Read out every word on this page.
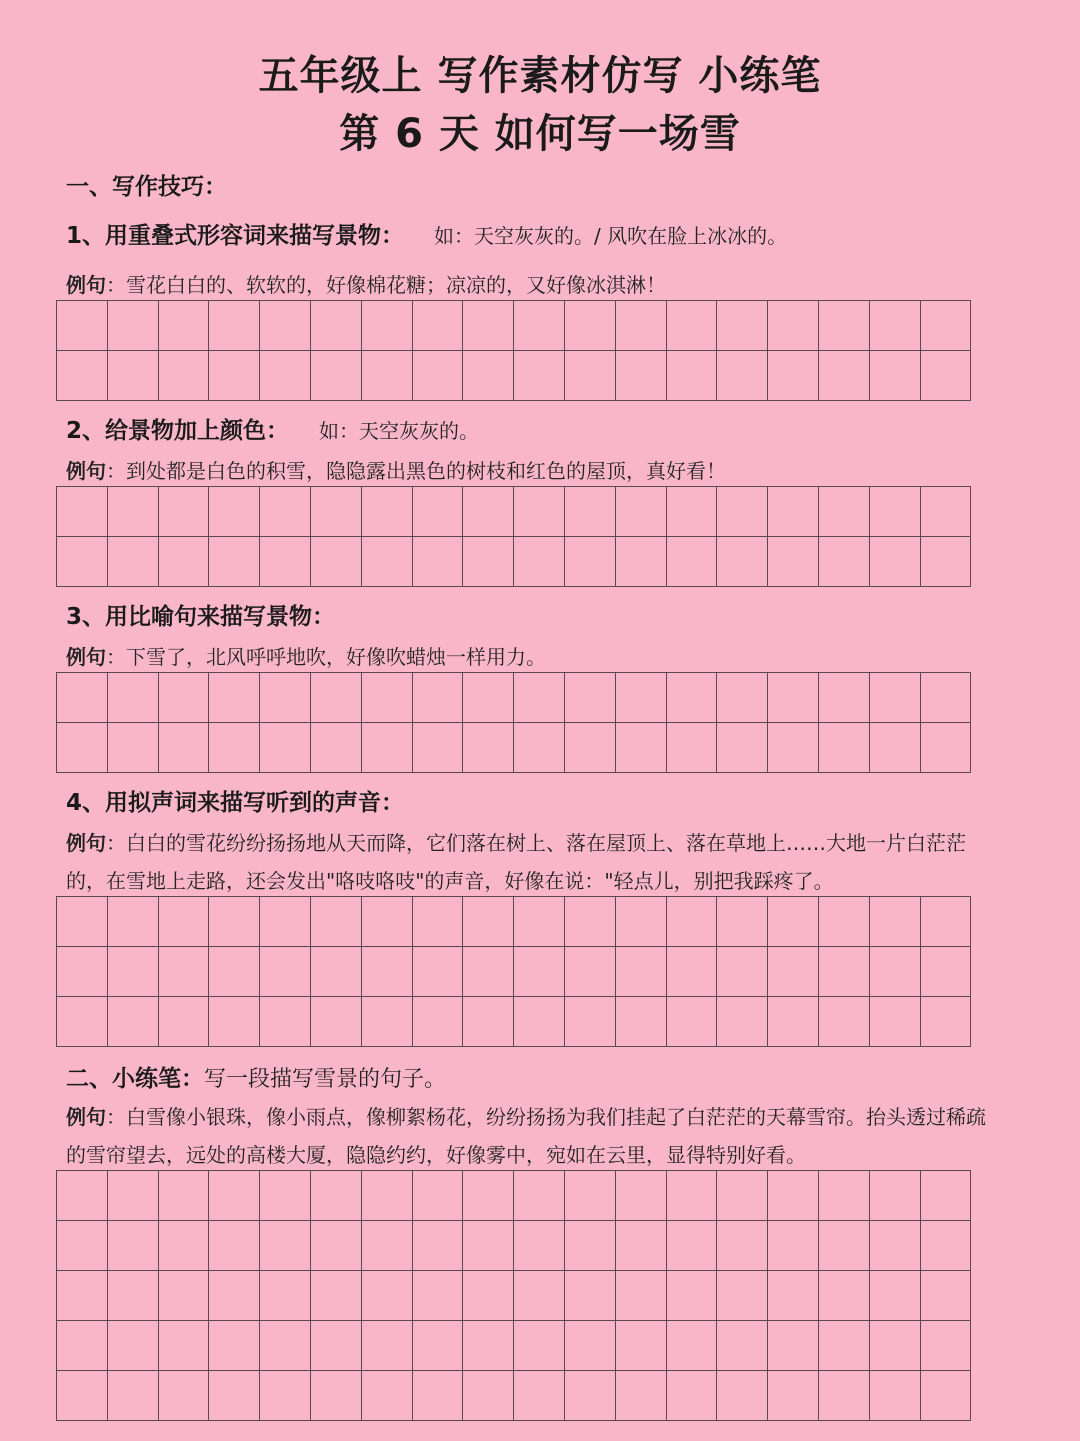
五年级上 写作素材仿写 小练笔
第 6 天 如何写一场雪
一、写作技巧：
1、用重叠式形容词来描写景物： 如：天空灰灰的。/ 风吹在脸上冰冰的。
例句：雪花白白的、软软的，好像棉花糖；凉凉的，又好像冰淇淋！
2、给景物加上颜色： 如：天空灰灰的。
例句：到处都是白色的积雪，隐隐露出黑色的树枝和红色的屋顶，真好看！
3、用比喻句来描写景物：
例句：下雪了，北风呼呼地吹，好像吹蜡烛一样用力。
4、用拟声词来描写听到的声音：
例句：白白的雪花纷纷扬扬地从天而降，它们落在树上、落在屋顶上、落在草地上……大地一片白茫茫的，在雪地上走路，还会发出"咯吱咯吱"的声音，好像在说："轻点儿，别把我踩疼了。
二、小练笔：写一段描写雪景的句子。
例句：白雪像小银珠，像小雨点，像柳絮杨花，纷纷扬扬为我们挂起了白茫茫的天幕雪帘。抬头透过稀疏的雪帘望去，远处的高楼大厦，隐隐约约，好像雾中，宛如在云里，显得特别好看。
